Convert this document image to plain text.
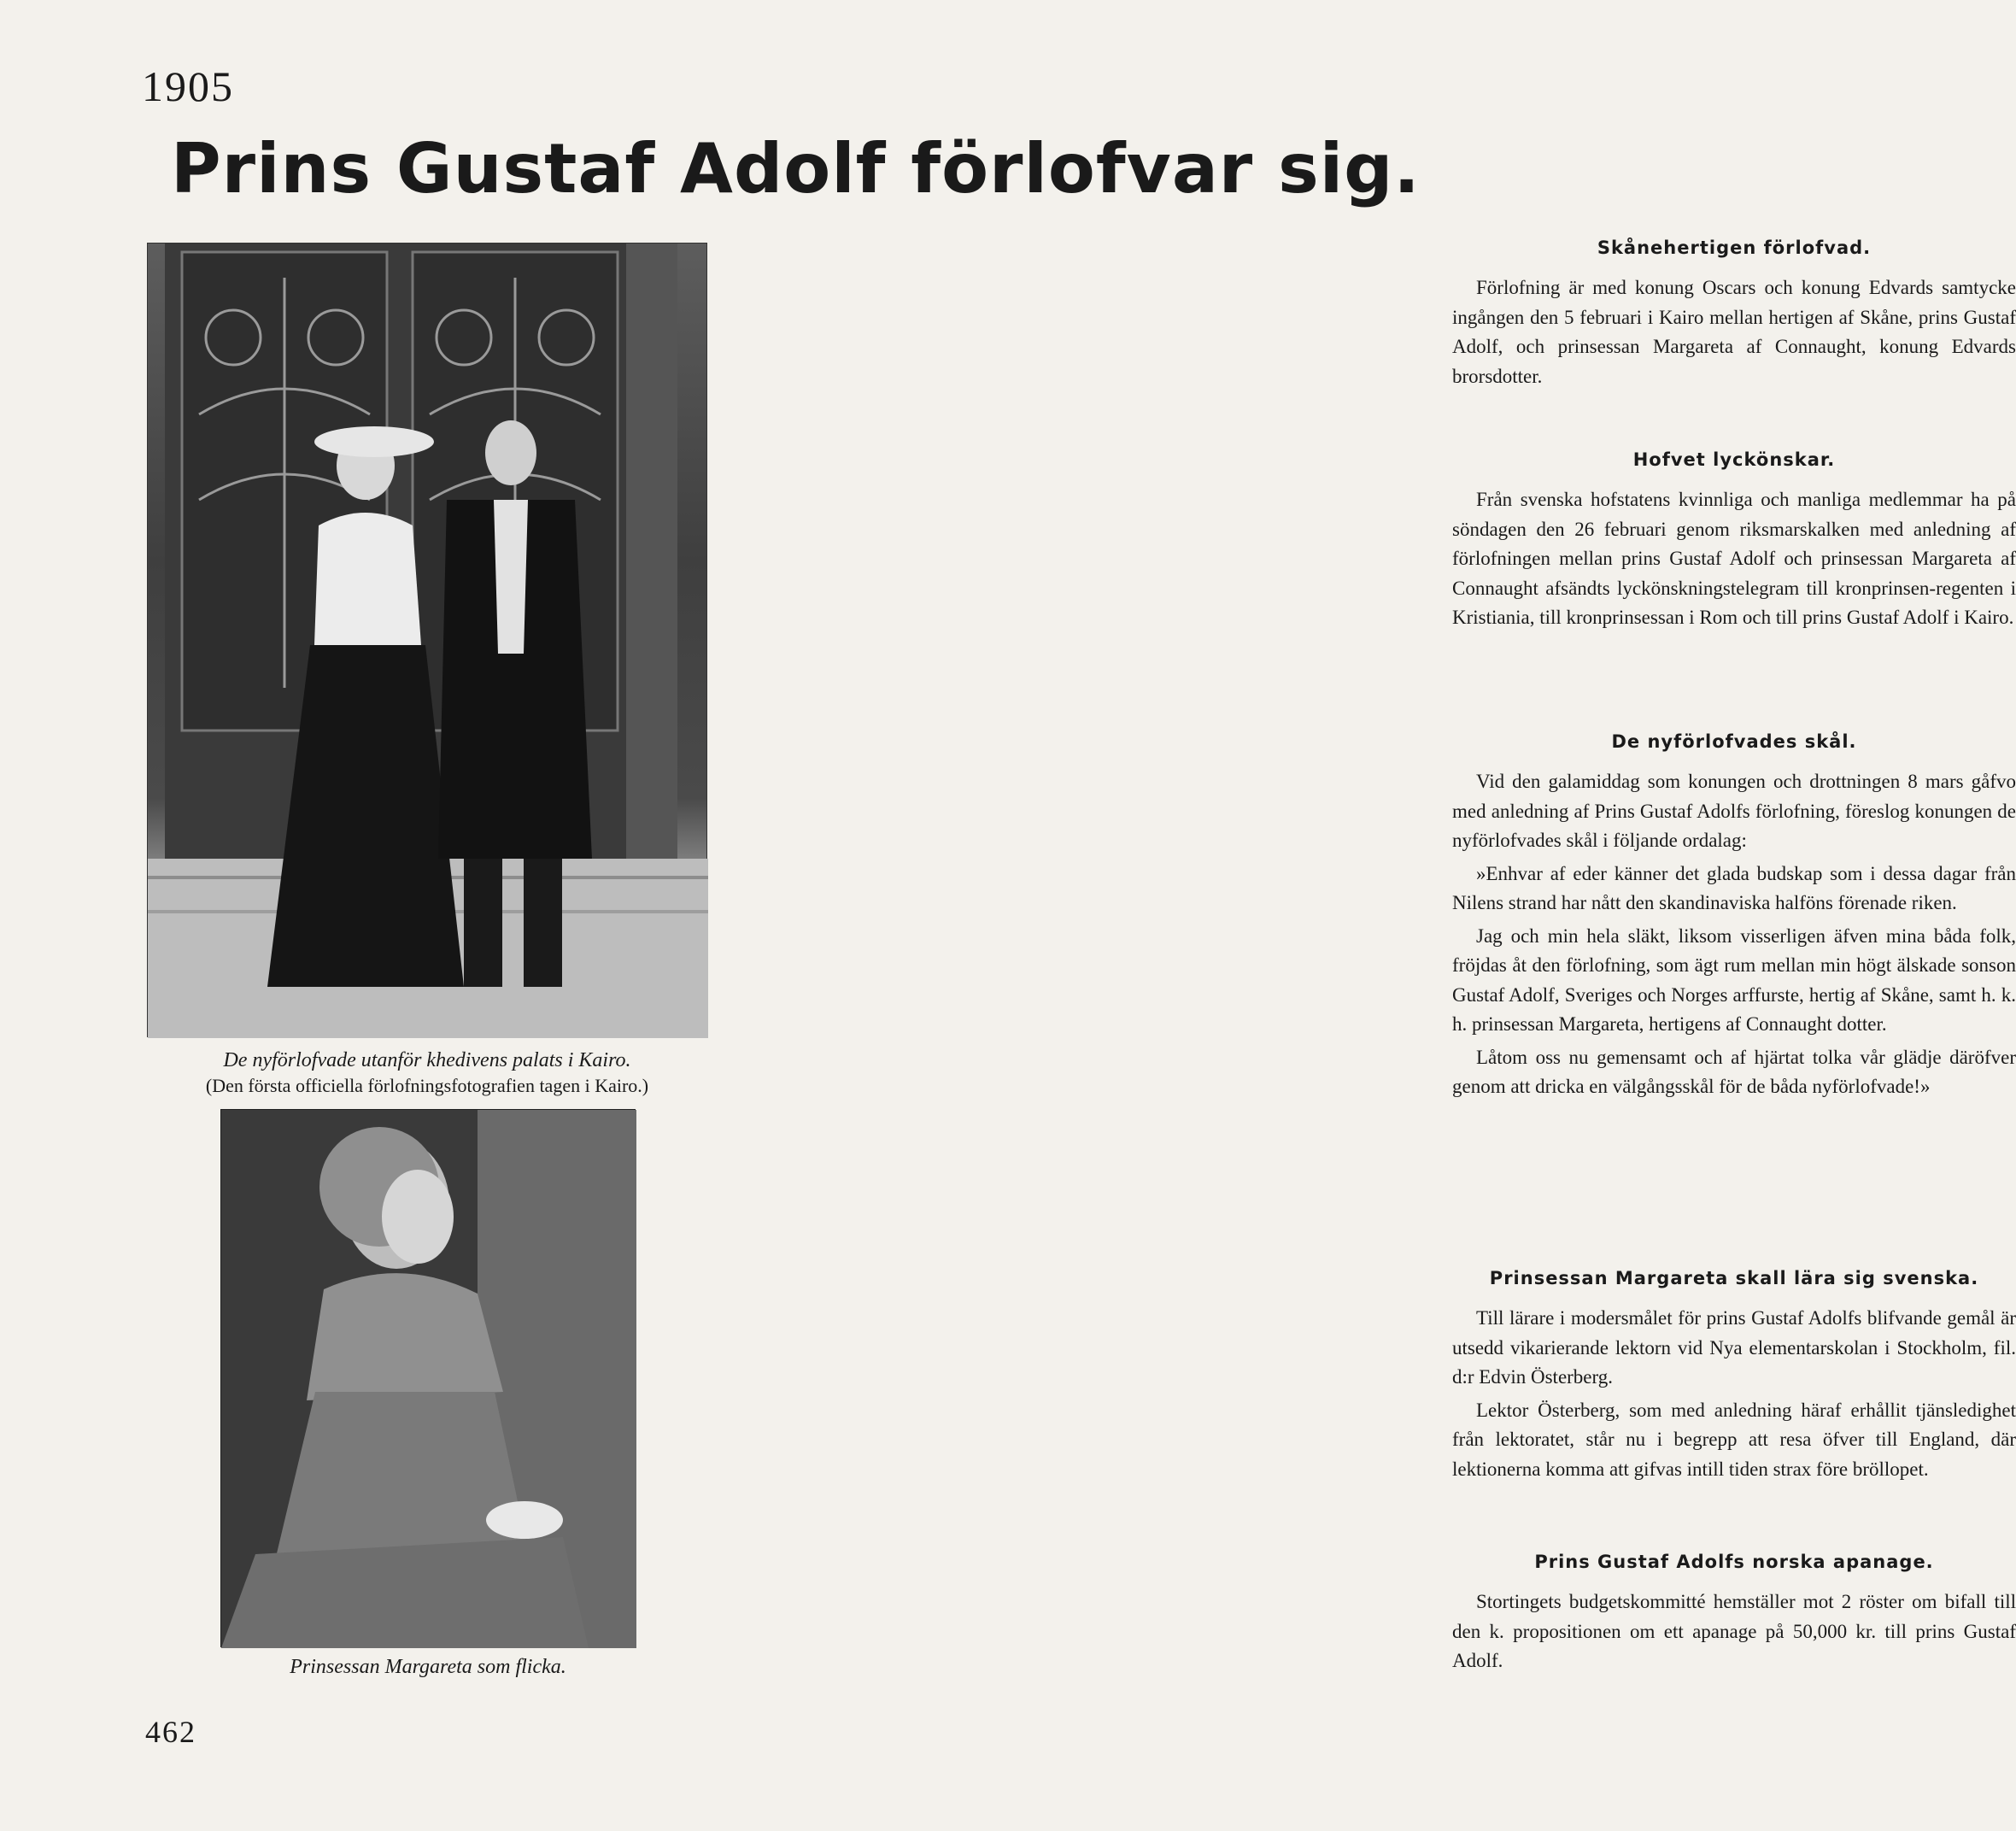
1905
Prins Gustaf Adolf förlofvar sig.
De nyförlofvade utanför khedivens palats i Kairo.
(Den första officiella förlofningsfotografien tagen i Kairo.)
Prinsessan Margareta som flicka.
462
Skånehertigen förlofvad.

Förlofning är med konung Oscars och konung Edvards samtycke ingången den 5 februari i Kairo mellan hertigen af Skåne, prins Gustaf Adolf, och prinsessan Margareta af Connaught, konung Edvards brorsdotter.

Hofvet lyckönskar.

Från svenska hofstatens kvinnliga och manliga medlemmar ha på söndagen den 26 februari genom riksmarskalken med anledning af förlofningen mellan prins Gustaf Adolf och prinsessan Margareta af Connaught afsändts lyckönskningstelegram till kronprinsen-regenten i Kristiania, till kronprinsessan i Rom och till prins Gustaf Adolf i Kairo.

De nyförlofvades skål.

Vid den galamiddag som konungen och drottningen 8 mars gåfvo med anledning af Prins Gustaf Adolfs förlofning, föreslog konungen de nyförlofvades skål i följande ordalag:

»Enhvar af eder känner det glada budskap som i dessa dagar från Nilens strand har nått den skandinaviska halföns förenade riken.

Jag och min hela släkt, liksom visserligen äfven mina båda folk, fröjdas åt den förlofning, som ägt rum mellan min högt älskade sonson Gustaf Adolf, Sveriges och Norges arffurste, hertig af Skåne, samt h. k. h. prinsessan Margareta, hertigens af Connaught dotter.

Låtom oss nu gemensamt och af hjärtat tolka vår glädje däröfver genom att dricka en välgångsskål för de båda nyförlofvade!»

Prinsessan Margareta skall lära sig svenska.

Till lärare i modersmålet för prins Gustaf Adolfs blifvande gemål är utsedd vikarierande lektorn vid Nya elementarskolan i Stockholm, fil. d:r Edvin Österberg.

Lektor Österberg, som med anledning häraf erhållit tjänsledighet från lektoratet, står nu i begrepp att resa öfver till England, där lektionerna komma att gifvas intill tiden strax före bröllopet.

Prins Gustaf Adolfs norska apanage.

Stortingets budgetskommitté hemställer mot 2 röster om bifall till den k. propositionen om ett apanage på 50,000 kr. till prins Gustaf Adolf.
